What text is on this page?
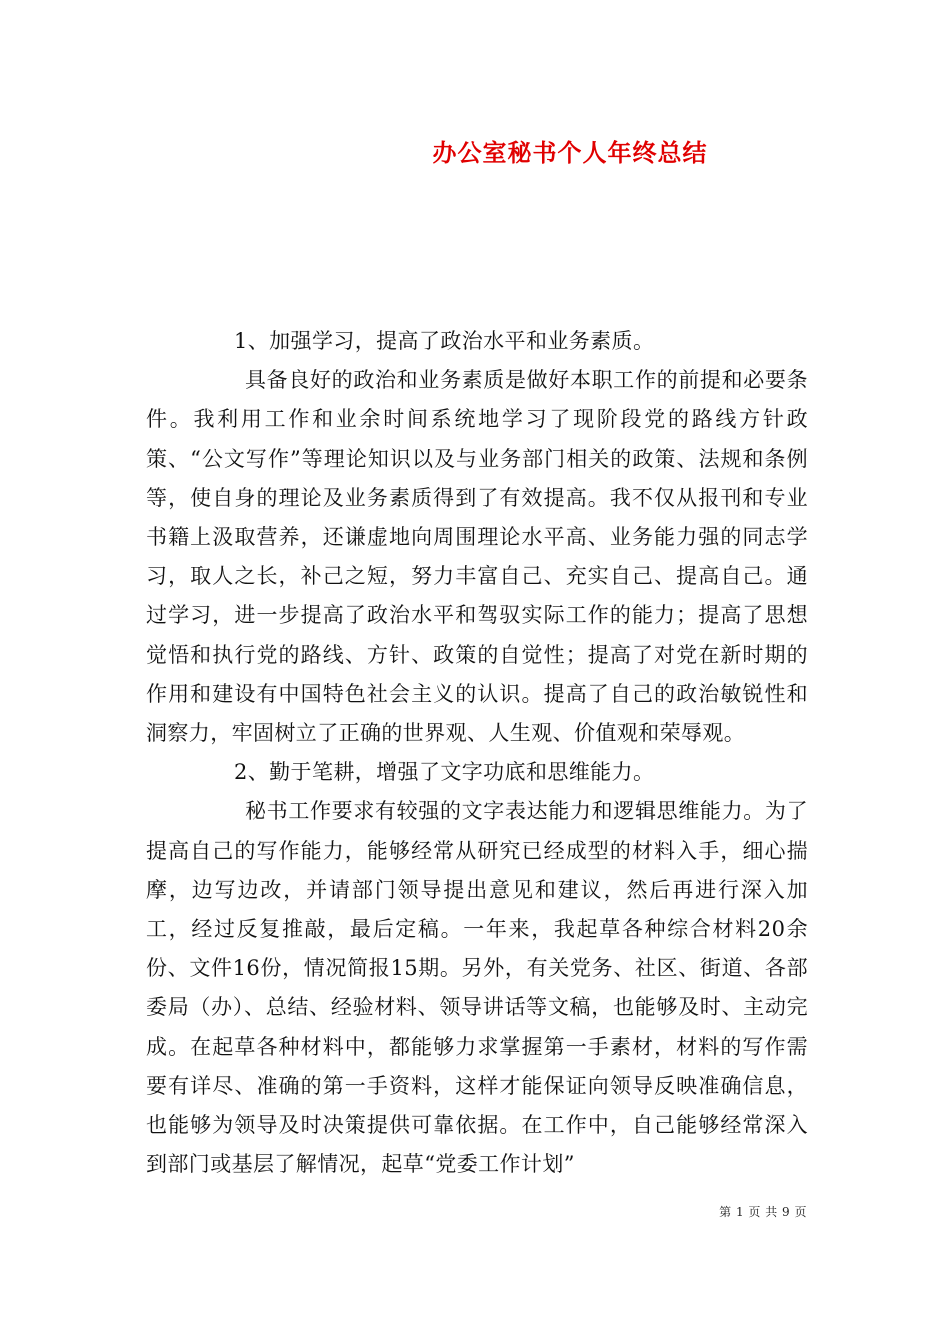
办公室秘书个人年终总结

1、加强学习，提高了政治水平和业务素质。

具备良好的政治和业务素质是做好本职工作的前提和必要条件。我利用工作和业余时间系统地学习了现阶段党的路线方针政策、“公文写作”等理论知识以及与业务部门相关的政策、法规和条例等，使自身的理论及业务素质得到了有效提高。我不仅从报刊和专业书籍上汲取营养，还谦虚地向周围理论水平高、业务能力强的同志学习，取人之长，补己之短，努力丰富自己、充实自己、提高自己。通过学习，进一步提高了政治水平和驾驭实际工作的能力；提高了思想觉悟和执行党的路线、方针、政策的自觉性；提高了对党在新时期的作用和建设有中国特色社会主义的认识。提高了自己的政治敏锐性和洞察力，牢固树立了正确的世界观、人生观、价值观和荣辱观。

2、勤于笔耕，增强了文字功底和思维能力。

秘书工作要求有较强的文字表达能力和逻辑思维能力。为了提高自己的写作能力，能够经常从研究已经成型的材料入手，细心揣摩，边写边改，并请部门领导提出意见和建议，然后再进行深入加工，经过反复推敲，最后定稿。一年来，我起草各种综合材料20余份、文件16份，情况简报15期。另外，有关党务、社区、街道、各部委局（办）、总结、经验材料、领导讲话等文稿，也能够及时、主动完成。在起草各种材料中，都能够力求掌握第一手素材，材料的写作需要有详尽、准确的第一手资料，这样才能保证向领导反映准确信息，也能够为领导及时决策提供可靠依据。在工作中，自己能够经常深入到部门或基层了解情况，起草“党委工作计划”

第 1 页 共 9 页
